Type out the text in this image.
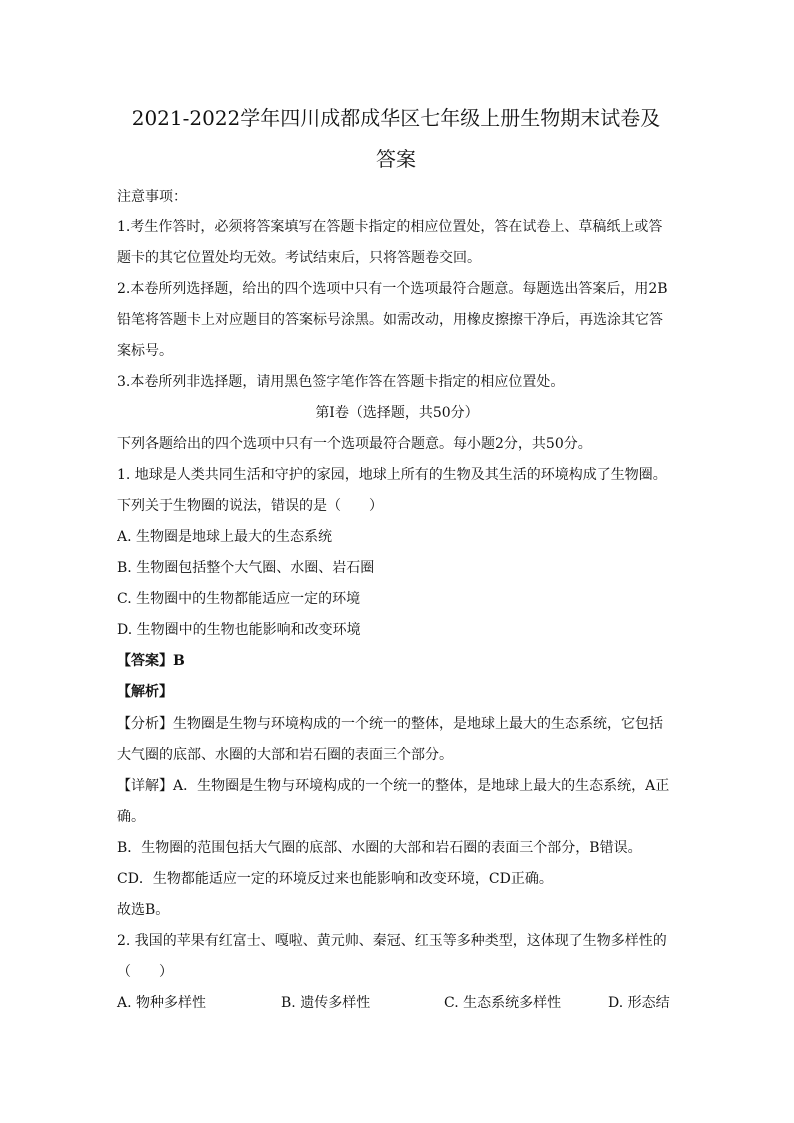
2021-2022学年四川成都成华区七年级上册生物期末试卷及
答案
注意事项：
1.考生作答时，必须将答案填写在答题卡指定的相应位置处，答在试卷上、草稿纸上或答
题卡的其它位置处均无效。考试结束后，只将答题卷交回。
2.本卷所列选择题，给出的四个选项中只有一个选项最符合题意。每题选出答案后，用2B
铅笔将答题卡上对应题目的答案标号涂黑。如需改动，用橡皮擦擦干净后，再选涂其它答
案标号。
3.本卷所列非选择题，请用黑色签字笔作答在答题卡指定的相应位置处。
第Ⅰ卷（选择题，共50分）
下列各题给出的四个选项中只有一个选项最符合题意。每小题2分，共50分。
1. 地球是人类共同生活和守护的家园，地球上所有的生物及其生活的环境构成了生物圈。
下列关于生物圈的说法，错误的是（　　）
A. 生物圈是地球上最大的生态系统
B. 生物圈包括整个大气圈、水圈、岩石圈
C. 生物圈中的生物都能适应一定的环境
D. 生物圈中的生物也能影响和改变环境
【答案】B
【解析】
【分析】生物圈是生物与环境构成的一个统一的整体，是地球上最大的生态系统，它包括
大气圈的底部、水圈的大部和岩石圈的表面三个部分。
【详解】A．生物圈是生物与环境构成的一个统一的整体，是地球上最大的生态系统，A正
确。
B．生物圈的范围包括大气圈的底部、水圈的大部和岩石圈的表面三个部分，B错误。
CD．生物都能适应一定的环境反过来也能影响和改变环境，CD正确。
故选B。
2. 我国的苹果有红富士、嘎啦、黄元帅、秦冠、红玉等多种类型，这体现了生物多样性的
（　　）
A. 物种多样性	B. 遗传多样性	C. 生态系统多样性	D. 形态结
